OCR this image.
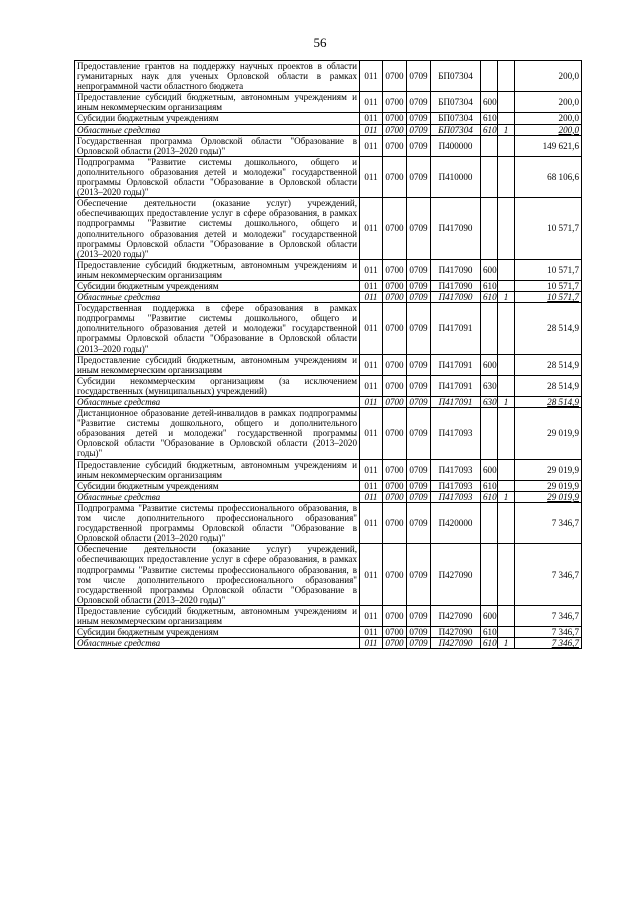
56
Предоставление грантов на поддержку научных проектов в области гуманитарных наук для ученых Орловской области в рамках непрограммной части областного бюджета	011	0700	0709	БП07304			200,0
Предоставление субсидий бюджетным, автономным учреждениям и иным некоммерческим организациям	011	0700	0709	БП07304	600		200,0
Субсидии бюджетным учреждениям	011	0700	0709	БП07304	610		200,0
Областные средства	011	0700	0709	БП07304	610	1	200,0
Государственная программа Орловской области "Образование в Орловской области (2013–2020 годы)"	011	0700	0709	П400000			149 621,6
Подпрограмма "Развитие системы дошкольного, общего и дополнительного образования детей и молодежи" государственной программы Орловской области "Образование в Орловской области (2013–2020 годы)"	011	0700	0709	П410000			68 106,6
Обеспечение деятельности (оказание услуг) учреждений, обеспечивающих предоставление услуг в сфере образования, в рамках подпрограммы "Развитие системы дошкольного, общего и дополнительного образования детей и молодежи" государственной программы Орловской области "Образование в Орловской области (2013–2020 годы)"	011	0700	0709	П417090			10 571,7
Предоставление субсидий бюджетным, автономным учреждениям и иным некоммерческим организациям	011	0700	0709	П417090	600		10 571,7
Субсидии бюджетным учреждениям	011	0700	0709	П417090	610		10 571,7
Областные средства	011	0700	0709	П417090	610	1	10 571,7
Государственная поддержка в сфере образования в рамках подпрограммы "Развитие системы дошкольного, общего и дополнительного образования детей и молодежи" государственной программы Орловской области "Образование в Орловской области (2013–2020 годы)"	011	0700	0709	П417091			28 514,9
Предоставление субсидий бюджетным, автономным учреждениям и иным некоммерческим организациям	011	0700	0709	П417091	600		28 514,9
Субсидии некоммерческим организациям (за исключением государственных (муниципальных) учреждений)	011	0700	0709	П417091	630		28 514,9
Областные средства	011	0700	0709	П417091	630	1	28 514,9
Дистанционное образование детей-инвалидов в рамках подпрограммы "Развитие системы дошкольного, общего и дополнительного образования детей и молодежи" государственной программы Орловской области "Образование в Орловской области (2013–2020 годы)"	011	0700	0709	П417093			29 019,9
Предоставление субсидий бюджетным, автономным учреждениям и иным некоммерческим организациям	011	0700	0709	П417093	600		29 019,9
Субсидии бюджетным учреждениям	011	0700	0709	П417093	610		29 019,9
Областные средства	011	0700	0709	П417093	610	1	29 019,9
Подпрограмма "Развитие системы профессионального образования, в том числе дополнительного профессионального образования" государственной программы Орловской области "Образование в Орловской области (2013–2020 годы)"	011	0700	0709	П420000			7 346,7
Обеспечение деятельности (оказание услуг) учреждений, обеспечивающих предоставление услуг в сфере образования, в рамках подпрограммы "Развитие системы профессионального образования, в том числе дополнительного профессионального образования" государственной программы Орловской области "Образование в Орловской области (2013–2020 годы)"	011	0700	0709	П427090			7 346,7
Предоставление субсидий бюджетным, автономным учреждениям и иным некоммерческим организациям	011	0700	0709	П427090	600		7 346,7
Субсидии бюджетным учреждениям	011	0700	0709	П427090	610		7 346,7
Областные средства	011	0700	0709	П427090	610	1	7 346,7
